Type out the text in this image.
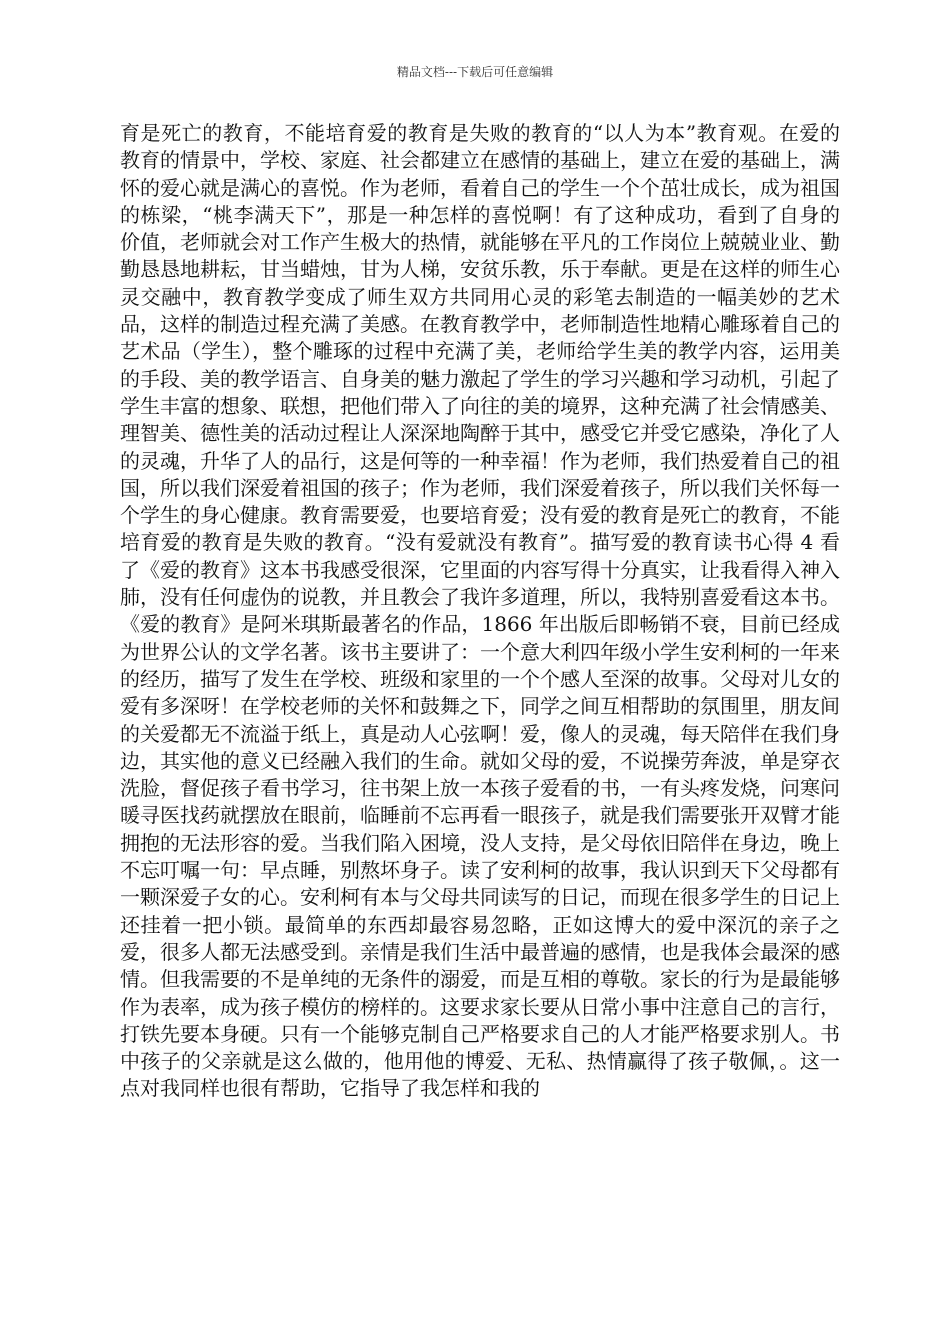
精品文档---下载后可任意编辑

育是死亡的教育，不能培育爱的教育是失败的教育的“以人为本”教育观。在爱的教育的情景中，学校、家庭、社会都建立在感情的基础上，建立在爱的基础上，满怀的爱心就是满心的喜悦。作为老师，看着自己的学生一个个茁壮成长，成为祖国的栋梁，“桃李满天下”，那是一种怎样的喜悦啊！有了这种成功，看到了自身的价值，老师就会对工作产生极大的热情，就能够在平凡的工作岗位上兢兢业业、勤勤恳恳地耕耘，甘当蜡烛，甘为人梯，安贫乐教，乐于奉献。更是在这样的师生心灵交融中，教育教学变成了师生双方共同用心灵的彩笔去制造的一幅美妙的艺术品，这样的制造过程充满了美感。在教育教学中，老师制造性地精心雕琢着自己的艺术品（学生），整个雕琢的过程中充满了美，老师给学生美的教学内容，运用美的手段、美的教学语言、自身美的魅力激起了学生的学习兴趣和学习动机，引起了学生丰富的想象、联想，把他们带入了向往的美的境界，这种充满了社会情感美、理智美、德性美的活动过程让人深深地陶醉于其中，感受它并受它感染，净化了人的灵魂，升华了人的品行，这是何等的一种幸福！作为老师，我们热爱着自己的祖国，所以我们深爱着祖国的孩子；作为老师，我们深爱着孩子，所以我们关怀每一个学生的身心健康。教育需要爱，也要培育爱；没有爱的教育是死亡的教育，不能培育爱的教育是失败的教育。“没有爱就没有教育”。描写爱的教育读书心得 4 看了《爱的教育》这本书我感受很深，它里面的内容写得十分真实，让我看得入神入肺，没有任何虚伪的说教，并且教会了我许多道理，所以，我特别喜爱看这本书。《爱的教育》是阿米琪斯最著名的作品，1866 年出版后即畅销不衰，目前已经成为世界公认的文学名著。该书主要讲了：一个意大利四年级小学生安利柯的一年来的经历，描写了发生在学校、班级和家里的一个个感人至深的故事。父母对儿女的爱有多深呀！在学校老师的关怀和鼓舞之下，同学之间互相帮助的氛围里，朋友间的关爱都无不流溢于纸上，真是动人心弦啊！爱，像人的灵魂，每天陪伴在我们身边，其实他的意义已经融入我们的生命。就如父母的爱，不说操劳奔波，单是穿衣洗脸，督促孩子看书学习，往书架上放一本孩子爱看的书，一有头疼发烧，问寒问暖寻医找药就摆放在眼前，临睡前不忘再看一眼孩子，就是我们需要张开双臂才能拥抱的无法形容的爱。当我们陷入困境，没人支持，是父母依旧陪伴在身边，晚上不忘叮嘱一句：早点睡，别熬坏身子。读了安利柯的故事，我认识到天下父母都有一颗深爱子女的心。安利柯有本与父母共同读写的日记，而现在很多学生的日记上还挂着一把小锁。最简单的东西却最容易忽略，正如这博大的爱中深沉的亲子之爱，很多人都无法感受到。亲情是我们生活中最普遍的感情，也是我体会最深的感情。但我需要的不是单纯的无条件的溺爱，而是互相的尊敬。家长的行为是最能够作为表率，成为孩子模仿的榜样的。这要求家长要从日常小事中注意自己的言行，打铁先要本身硬。只有一个能够克制自己严格要求自己的人才能严格要求别人。书中孩子的父亲就是这么做的，他用他的博爱、无私、热情赢得了孩子敬佩，。这一点对我同样也很有帮助，它指导了我怎样和我的
